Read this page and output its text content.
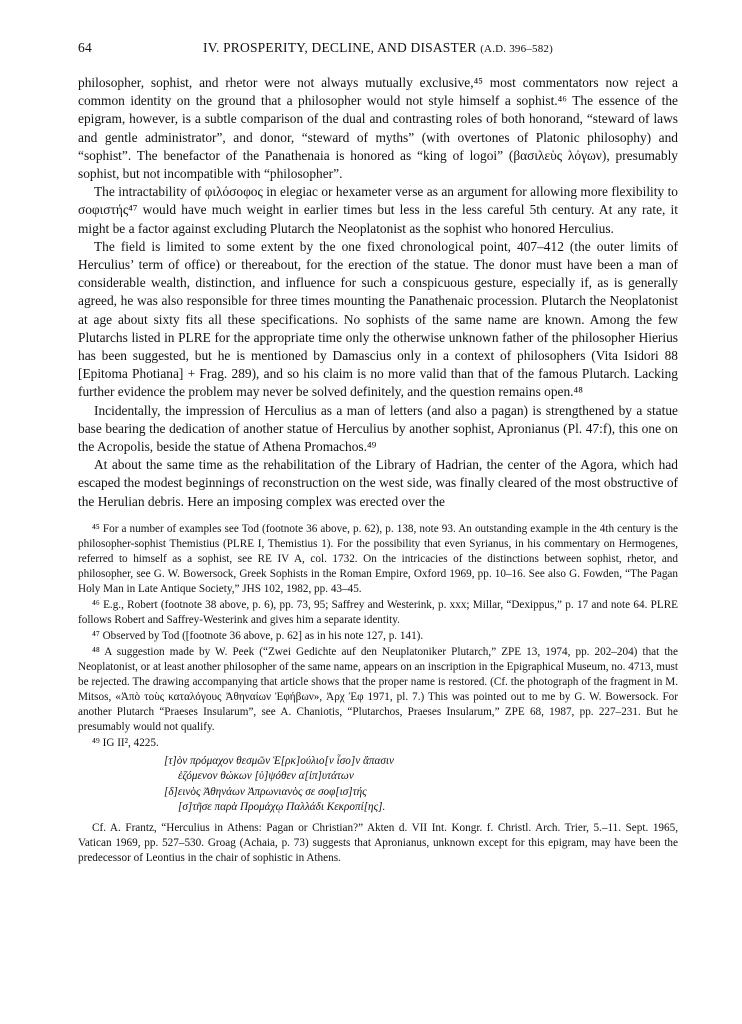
64	IV. PROSPERITY, DECLINE, AND DISASTER (A.D. 396–582)

philosopher, sophist, and rhetor were not always mutually exclusive,⁴⁵ most commentators now reject a common identity on the ground that a philosopher would not style himself a sophist.⁴⁶ The essence of the epigram, however, is a subtle comparison of the dual and contrasting roles of both honorand, “steward of laws and gentle administrator”, and donor, “steward of myths” (with overtones of Platonic philosophy) and “sophist”. The benefactor of the Panathenaia is honored as “king of logoi” (βασιλεὺς λόγων), presumably sophist, but not incompatible with “philosopher”.

The intractability of φιλόσοφος in elegiac or hexameter verse as an argument for allowing more flexibility to σοφιστής⁴⁷ would have much weight in earlier times but less in the less careful 5th century. At any rate, it might be a factor against excluding Plutarch the Neoplatonist as the sophist who honored Herculius.

The field is limited to some extent by the one fixed chronological point, 407–412 (the outer limits of Herculius’ term of office) or thereabout, for the erection of the statue. The donor must have been a man of considerable wealth, distinction, and influence for such a conspicuous gesture, especially if, as is generally agreed, he was also responsible for three times mounting the Panathenaic procession. Plutarch the Neoplatonist at age about sixty fits all these specifications. No sophists of the same name are known. Among the few Plutarchs listed in PLRE for the appropriate time only the otherwise unknown father of the philosopher Hierius has been suggested, but he is mentioned by Damascius only in a context of philosophers (Vita Isidori 88 [Epitoma Photiana] + Frag. 289), and so his claim is no more valid than that of the famous Plutarch. Lacking further evidence the problem may never be solved definitely, and the question remains open.⁴⁸

Incidentally, the impression of Herculius as a man of letters (and also a pagan) is strengthened by a statue base bearing the dedication of another statue of Herculius by another sophist, Apronianus (Pl. 47:f), this one on the Acropolis, beside the statue of Athena Promachos.⁴⁹

At about the same time as the rehabilitation of the Library of Hadrian, the center of the Agora, which had escaped the modest beginnings of reconstruction on the west side, was finally cleared of the most obstructive of the Herulian debris. Here an imposing complex was erected over the

⁴⁵ For a number of examples see Tod (footnote 36 above, p. 62), p. 138, note 93. An outstanding example in the 4th century is the philosopher-sophist Themistius (PLRE I, Themistius 1). For the possibility that even Syrianus, in his commentary on Hermogenes, referred to himself as a sophist, see RE IV A, col. 1732. On the intricacies of the distinctions between sophist, rhetor, and philosopher, see G. W. Bowersock, Greek Sophists in the Roman Empire, Oxford 1969, pp. 10–16. See also G. Fowden, “The Pagan Holy Man in Late Antique Society,” JHS 102, 1982, pp. 43–45.

⁴⁶ E.g., Robert (footnote 38 above, p. 6), pp. 73, 95; Saffrey and Westerink, p. xxx; Millar, “Dexippus,” p. 17 and note 64. PLRE follows Robert and Saffrey-Westerink and gives him a separate identity.

⁴⁷ Observed by Tod ([footnote 36 above, p. 62] as in his note 127, p. 141).

⁴⁸ A suggestion made by W. Peek (“Zwei Gedichte auf den Neuplatoniker Plutarch,” ZPE 13, 1974, pp. 202–204) that the Neoplatonist, or at least another philosopher of the same name, appears on an inscription in the Epigraphical Museum, no. 4713, must be rejected. The drawing accompanying that article shows that the proper name is restored. (Cf. the photograph of the fragment in M. Mitsos, «Ἀπὸ τοὺς καταλόγους Ἀθηναίων Ἐφήβων», Ἀρχ Ἐφ 1971, pl. 7.) This was pointed out to me by G. W. Bowersock. For another Plutarch “Praeses Insularum”, see A. Chaniotis, “Plutarchos, Praeses Insularum,” ZPE 68, 1987, pp. 227–231. But he presumably would not qualify.

⁴⁹ IG II², 4225.

[τ]ὸν πρόμαχον θεσμῶν Ἑ[ρκ]ούλιο[ν ἶσο]ν ἅπασιν
ἑζόμενον θώκων [ὑ]ψόθεν α[ἰπ]υτάτων
[δ]εινὸς Ἀθηνάων Ἀπρωνιανὸς σε σοφ[ισ]τής
[σ]τῆσε παρὰ Προμάχῳ Παλλάδι Κεκροπί[ης].

Cf. A. Frantz, “Herculius in Athens: Pagan or Christian?” Akten d. VII Int. Kongr. f. Christl. Arch. Trier, 5.–11. Sept. 1965, Vatican 1969, pp. 527–530. Groag (Achaia, p. 73) suggests that Apronianus, unknown except for this epigram, may have been the predecessor of Leontius in the chair of sophistic in Athens.
